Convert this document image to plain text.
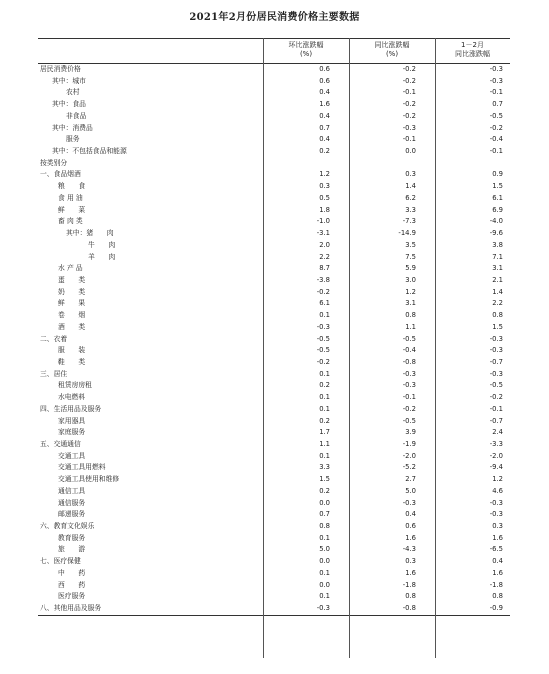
2021年2月份居民消费价格主要数据
环比涨跌幅
(%)
同比涨跌幅
(%)
1－2月
同比涨跌幅
居民消费价格	0.6	-0.2	-0.3
其中：城市	0.6	-0.2	-0.3
农村	0.4	-0.1	-0.1
其中：食品	1.6	-0.2	0.7
非食品	0.4	-0.2	-0.5
其中：消费品	0.7	-0.3	-0.2
服务	0.4	-0.1	-0.4
其中：不包括食品和能源	0.2	0.0	-0.1
按类别分
一、食品烟酒	1.2	0.3	0.9
粮　　食	0.3	1.4	1.5
食 用 油	0.5	6.2	6.1
鲜　　菜	1.8	3.3	6.9
畜 肉 类	-1.0	-7.3	-4.0
其中：猪　　肉	-3.1	-14.9	-9.6
牛　　肉	2.0	3.5	3.8
羊　　肉	2.2	7.5	7.1
水 产 品	8.7	5.9	3.1
蛋　　类	-3.8	3.0	2.1
奶　　类	-0.2	1.2	1.4
鲜　　果	6.1	3.1	2.2
卷　　烟	0.1	0.8	0.8
酒　　类	-0.3	1.1	1.5
二、衣着	-0.5	-0.5	-0.3
服　　装	-0.5	-0.4	-0.3
鞋　　类	-0.2	-0.8	-0.7
三、居住	0.1	-0.3	-0.3
租赁房房租	0.2	-0.3	-0.5
水电燃料	0.1	-0.1	-0.2
四、生活用品及服务	0.1	-0.2	-0.1
家用器具	0.2	-0.5	-0.7
家庭服务	1.7	3.9	2.4
五、交通通信	1.1	-1.9	-3.3
交通工具	0.1	-2.0	-2.0
交通工具用燃料	3.3	-5.2	-9.4
交通工具使用和维修	1.5	2.7	1.2
通信工具	0.2	5.0	4.6
通信服务	0.0	-0.3	-0.3
邮递服务	0.7	0.4	-0.3
六、教育文化娱乐	0.8	0.6	0.3
教育服务	0.1	1.6	1.6
旅　　游	5.0	-4.3	-6.5
七、医疗保健	0.0	0.3	0.4
中　　药	0.1	1.6	1.6
西　　药	0.0	-1.8	-1.8
医疗服务	0.1	0.8	0.8
八、其他用品及服务	-0.3	-0.8	-0.9
